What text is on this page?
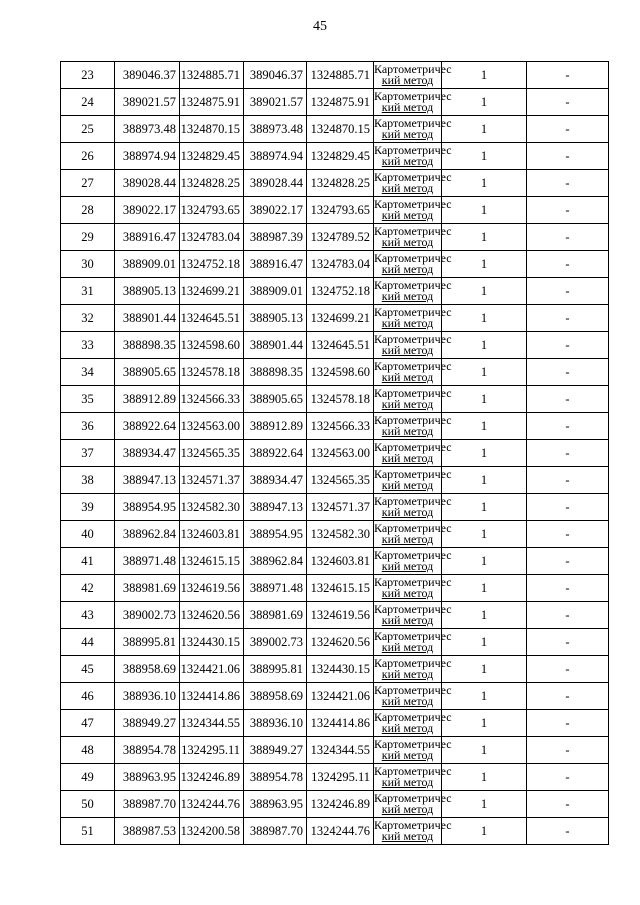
45
23	389046.37	1324885.71	389046.37	1324885.71	Картометричес
кий метод	1	-
24	389021.57	1324875.91	389021.57	1324875.91	Картометричес
кий метод	1	-
25	388973.48	1324870.15	388973.48	1324870.15	Картометричес
кий метод	1	-
26	388974.94	1324829.45	388974.94	1324829.45	Картометричес
кий метод	1	-
27	389028.44	1324828.25	389028.44	1324828.25	Картометричес
кий метод	1	-
28	389022.17	1324793.65	389022.17	1324793.65	Картометричес
кий метод	1	-
29	388916.47	1324783.04	388987.39	1324789.52	Картометричес
кий метод	1	-
30	388909.01	1324752.18	388916.47	1324783.04	Картометричес
кий метод	1	-
31	388905.13	1324699.21	388909.01	1324752.18	Картометричес
кий метод	1	-
32	388901.44	1324645.51	388905.13	1324699.21	Картометричес
кий метод	1	-
33	388898.35	1324598.60	388901.44	1324645.51	Картометричес
кий метод	1	-
34	388905.65	1324578.18	388898.35	1324598.60	Картометричес
кий метод	1	-
35	388912.89	1324566.33	388905.65	1324578.18	Картометричес
кий метод	1	-
36	388922.64	1324563.00	388912.89	1324566.33	Картометричес
кий метод	1	-
37	388934.47	1324565.35	388922.64	1324563.00	Картометричес
кий метод	1	-
38	388947.13	1324571.37	388934.47	1324565.35	Картометричес
кий метод	1	-
39	388954.95	1324582.30	388947.13	1324571.37	Картометричес
кий метод	1	-
40	388962.84	1324603.81	388954.95	1324582.30	Картометричес
кий метод	1	-
41	388971.48	1324615.15	388962.84	1324603.81	Картометричес
кий метод	1	-
42	388981.69	1324619.56	388971.48	1324615.15	Картометричес
кий метод	1	-
43	389002.73	1324620.56	388981.69	1324619.56	Картометричес
кий метод	1	-
44	388995.81	1324430.15	389002.73	1324620.56	Картометричес
кий метод	1	-
45	388958.69	1324421.06	388995.81	1324430.15	Картометричес
кий метод	1	-
46	388936.10	1324414.86	388958.69	1324421.06	Картометричес
кий метод	1	-
47	388949.27	1324344.55	388936.10	1324414.86	Картометричес
кий метод	1	-
48	388954.78	1324295.11	388949.27	1324344.55	Картометричес
кий метод	1	-
49	388963.95	1324246.89	388954.78	1324295.11	Картометричес
кий метод	1	-
50	388987.70	1324244.76	388963.95	1324246.89	Картометричес
кий метод	1	-
51	388987.53	1324200.58	388987.70	1324244.76	Картометричес
кий метод	1	-
